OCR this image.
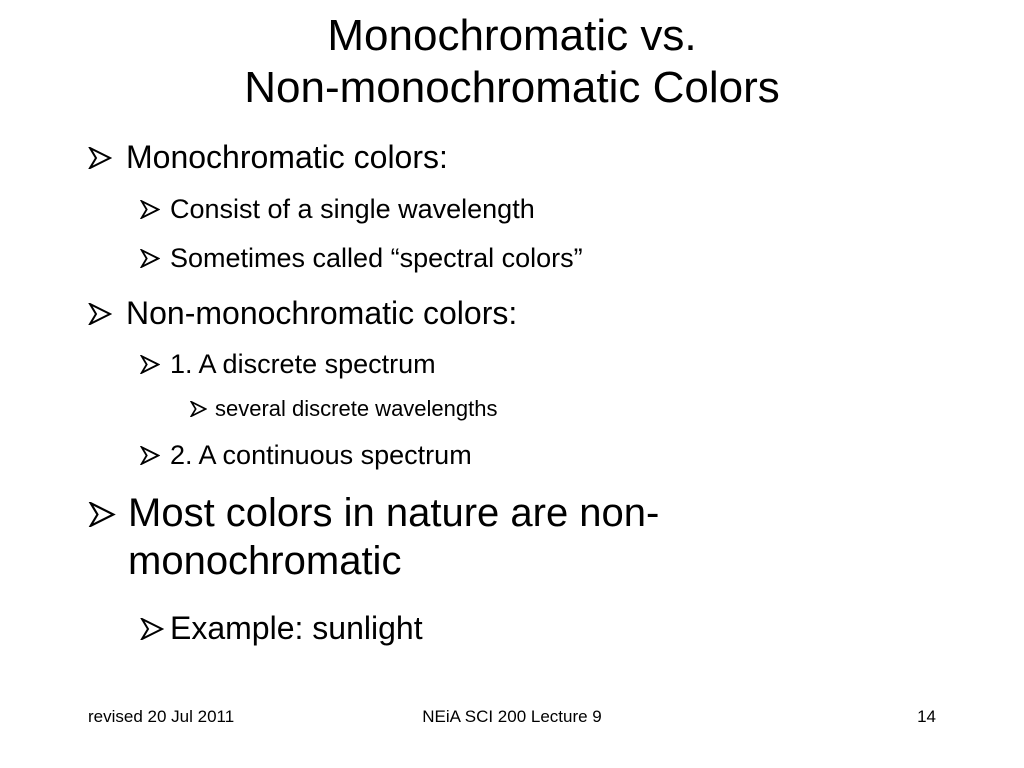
Monochromatic vs.
Non-monochromatic Colors
Monochromatic colors:
Consist of a single wavelength
Sometimes called “spectral colors”
Non-monochromatic colors:
1. A discrete spectrum
several discrete wavelengths
2. A continuous spectrum
Most colors in nature are non-
monochromatic
Example: sunlight
revised 20 Jul 2011	NEiA SCI 200 Lecture 9	14
